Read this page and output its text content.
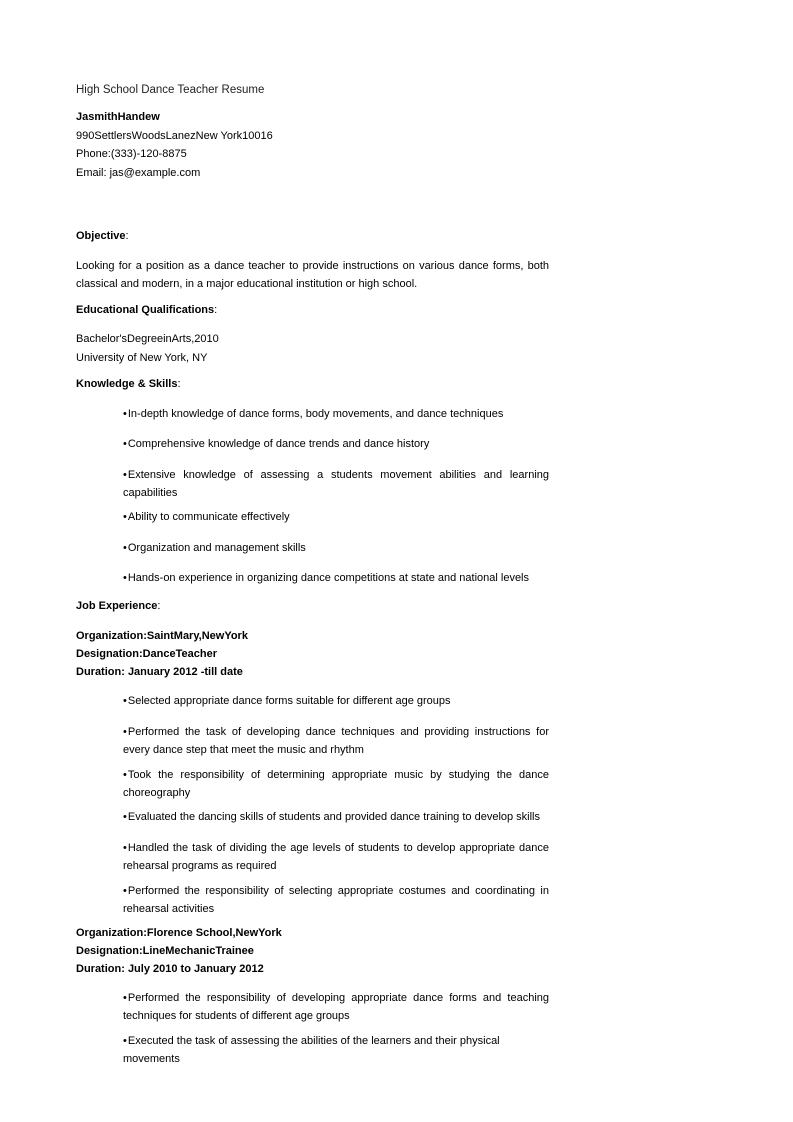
High School Dance Teacher Resume
JasmithHandew
990SettlersWoodsLanezNew York10016
Phone:(333)-120-8875
Email: jas@example.com
Objective:
Looking for a position as a dance teacher to provide instructions on various dance forms, both classical and modern, in a major educational institution or high school.
Educational Qualifications:
Bachelor'sDegreeinArts,2010
University of New York, NY
Knowledge & Skills:
•In-depth knowledge of dance forms, body movements, and dance techniques
•Comprehensive knowledge of dance trends and dance history
•Extensive knowledge of assessing a students movement abilities and learning capabilities
•Ability to communicate effectively
•Organization and management skills
•Hands-on experience in organizing dance competitions at state and national levels
Job Experience:
Organization:SaintMary,NewYork
Designation:DanceTeacher
Duration: January 2012 -till date
•Selected appropriate dance forms suitable for different age groups
•Performed the task of developing dance techniques and providing instructions for every dance step that meet the music and rhythm
•Took the responsibility of determining appropriate music by studying the dance choreography
•Evaluated the dancing skills of students and provided dance training to develop skills
•Handled the task of dividing the age levels of students to develop appropriate dance rehearsal programs as required
•Performed the responsibility of selecting appropriate costumes and coordinating in rehearsal activities
Organization:Florence School,NewYork
Designation:LineMechanicTrainee
Duration: July 2010 to January 2012
•Performed the responsibility of developing appropriate dance forms and teaching techniques for students of different age groups
•Executed the task of assessing the abilities of the learners and their physical movements
